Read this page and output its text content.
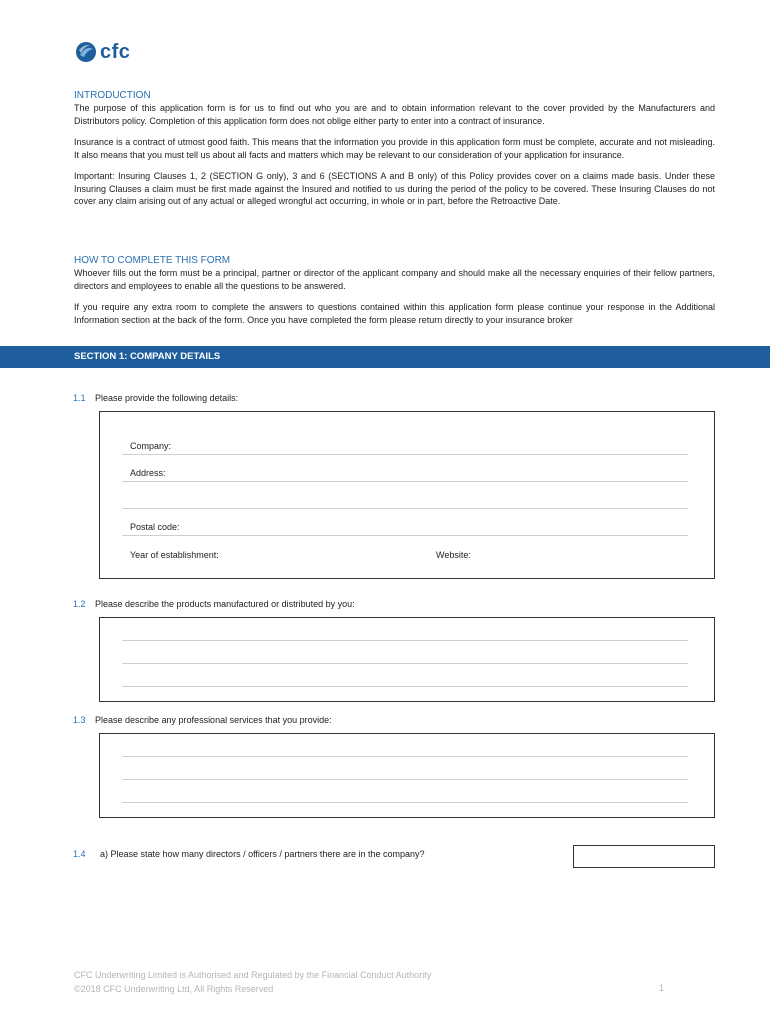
cfc
INTRODUCTION
The purpose of this application form is for us to find out who you are and to obtain information relevant to the cover provided by the Manufacturers and Distributors policy. Completion of this application form does not oblige either party to enter into a contract of insurance.
Insurance is a contract of utmost good faith. This means that the information you provide in this application form must be complete, accurate and not misleading. It also means that you must tell us about all facts and matters which may be relevant to our consideration of your application for insurance.
Important: Insuring Clauses 1, 2 (SECTION G only), 3 and 6 (SECTIONS A and B only) of this Policy provides cover on a claims made basis. Under these Insuring Clauses a claim must be first made against the Insured and notified to us during the period of the policy to be covered. These Insuring Clauses do not cover any claim arising out of any actual or alleged wrongful act occurring, in whole or in part, before the Retroactive Date.
HOW TO COMPLETE THIS FORM
Whoever fills out the form must be a principal, partner or director of the applicant company and should make all the necessary enquiries of their fellow partners, directors and employees to enable all the questions to be answered.
If you require any extra room to complete the answers to questions contained within this application form please continue your response in the Additional Information section at the back of the form. Once you have completed the form please return directly to your insurance broker
SECTION 1: COMPANY DETAILS
1.1	Please provide the following details:
Company:
Address:
Postal code:
Year of establishment:	Website:
1.2	Please describe the products manufactured or distributed by you:
1.3	Please describe any professional services that you provide:
1.4	a) Please state how many directors / officers / partners there are in the company?
CFC Underwriting Limited is Authorised and Regulated by the Financial Conduct Authority
©2018 CFC Underwriting Ltd, All Rights Reserved	1
